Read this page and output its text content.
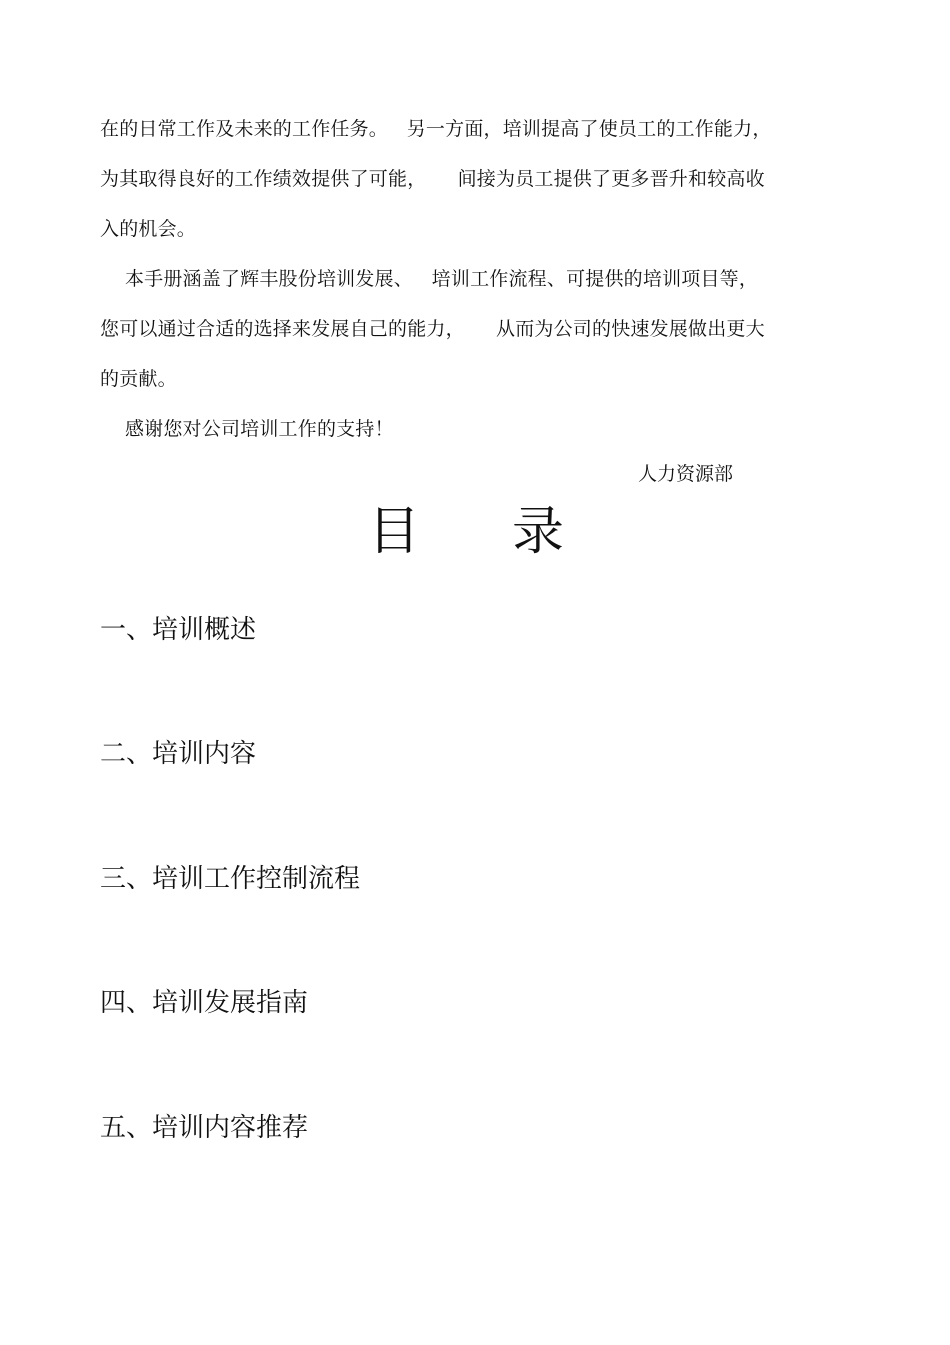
在的日常工作及未来的工作任务。   另一方面，培训提高了使员工的工作能力，
为其取得良好的工作绩效提供了可能，     间接为员工提供了更多晋升和较高收
入的机会。
本手册涵盖了辉丰股份培训发展、   培训工作流程、可提供的培训项目等，
您可以通过合适的选择来发展自己的能力，     从而为公司的快速发展做出更大
的贡献。
感谢您对公司培训工作的支持！
人力资源部
目 录
一、培训概述
二、培训内容
三、培训工作控制流程
四、培训发展指南
五、培训内容推荐
